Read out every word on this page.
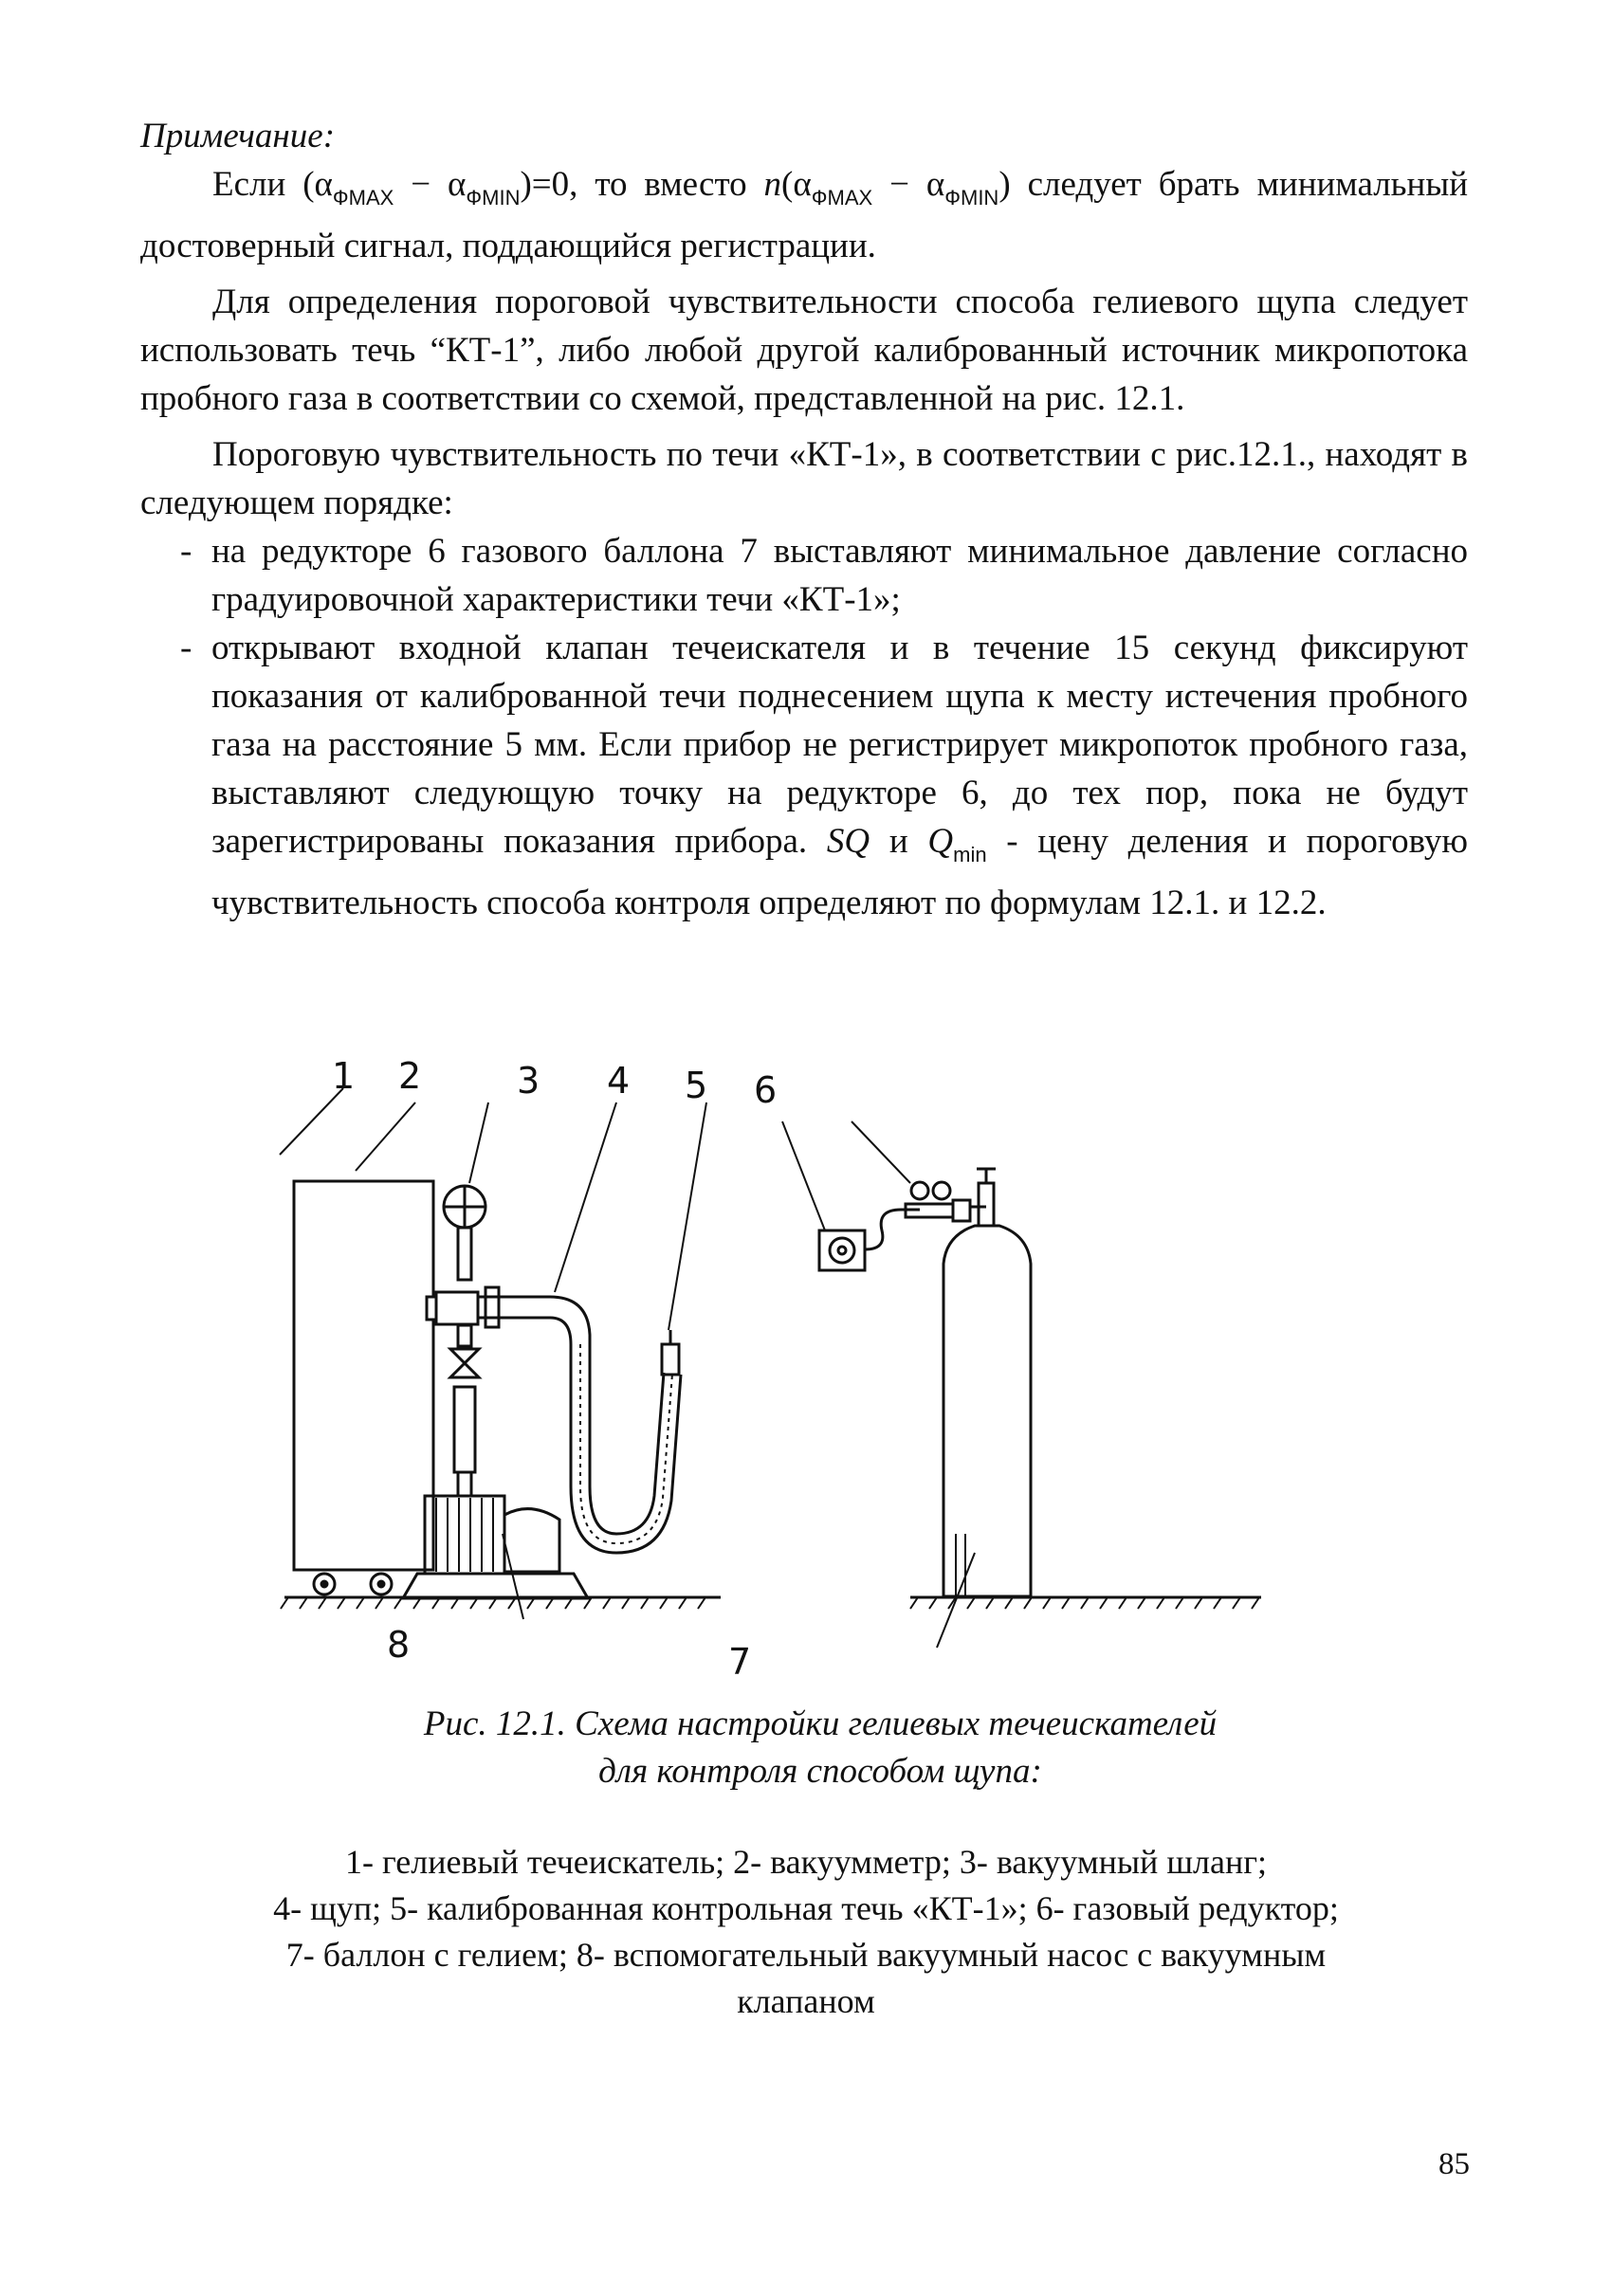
Примечание:

Если $(\alpha_{ФMAX} - \alpha_{ФMIN})=0$, то вместо $n(\alpha_{ФMAX} - \alpha_{ФMIN})$ следует брать минимальный достоверный сигнал, поддающийся регистрации.

Для определения пороговой чувствительности способа гелиевого щупа следует использовать течь “КТ-1”, либо любой другой калиброванный источник микропотока пробного газа в соответствии со схемой, представленной на рис. 12.1.

Пороговую чувствительность по течи «КТ-1», в соответствии с рис.12.1., находят в следующем порядке:

- на редукторе 6 газового баллона 7 выставляют минимальное давление согласно градуировочной характеристики течи «КТ-1»;
- открывают входной клапан течеискателя и в течение 15 секунд фиксируют показания от калиброванной течи поднесением щупа к месту истечения пробного газа на расстояние 5 мм. Если прибор не регистрирует микропоток пробного газа, выставляют следующую точку на редукторе 6, до тех пор, пока не будут зарегистрированы показания прибора. SQ и $Q_{min}$ - цену деления и пороговую чувствительность способа контроля определяют по формулам 12.1. и 12.2.
1 2	3 4 5 6
7
8
Рис. 12.1. Схема настройки гелиевых течеискателей
для контроля способом щупа:
1- гелиевый течеискатель; 2- вакуумметр; 3- вакуумный шланг;
4- щуп; 5- калиброванная контрольная течь «КТ-1»; 6- газовый редуктор;
7- баллон с гелием; 8- вспомогательный вакуумный насос с вакуумным
клапаном
85
